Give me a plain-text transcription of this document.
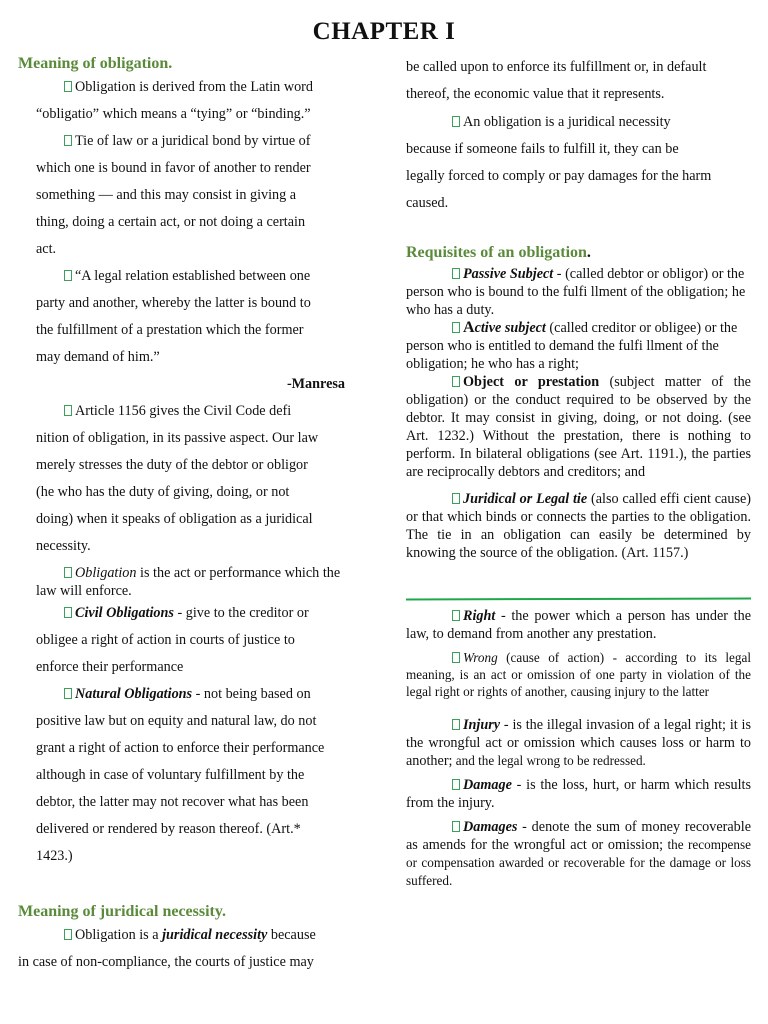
CHAPTER I
Meaning of obligation.

Obligation is derived from the Latin word

“obligatio” which means a “tying” or “binding.”

Tie of law or a juridical bond by virtue of

which one is bound in favor of another to render

something — and this may consist in giving a

thing, doing a certain act, or not doing a certain

act.

“A legal relation established between one

party and another, whereby the latter is bound to

the fulfillment of a prestation which the former

may demand of him.”

-Manresa

Article 1156 gives the Civil Code defi

nition of obligation, in its passive aspect. Our law

merely stresses the duty of the debtor or obligor

(he who has the duty of giving, doing, or not

doing) when it speaks of obligation as a juridical

necessity.

Obligation is the act or performance which the law will enforce.

Civil Obligations - give to the creditor or

obligee a right of action in courts of justice to

enforce their performance

Natural Obligations - not being based on

positive law but on equity and natural law, do not

grant a right of action to enforce their performance

although in case of voluntary fulfillment by the

debtor, the latter may not recover what has been

delivered or rendered by reason thereof. (Art.*

1423.)

Meaning of juridical necessity.

Obligation is a juridical necessity because

in case of non-compliance, the courts of justice may

be called upon to enforce its fulfillment or, in default

thereof, the economic value that it represents.

An obligation is a juridical necessity

because if someone fails to fulfill it, they can be

legally forced to comply or pay damages for the harm

caused.

Requisites of an obligation.

Passive Subject - (called debtor or obligor) or the person who is bound to the fulfi llment of the obligation; he who has a duty.

Active subject (called creditor or obligee) or the person who is entitled to demand the fulfi llment of the obligation; he who has a right;

Object or prestation (subject matter of the obligation) or the conduct required to be observed by the debtor. It may consist in giving, doing, or not doing. (see Art. 1232.) Without the prestation, there is nothing to perform. In bilateral obligations (see Art. 1191.), the parties are reciprocally debtors and creditors; and

Juridical or Legal tie (also called effi cient cause) or that which binds or connects the parties to the obligation. The tie in an obligation can easily be determined by knowing the source of the obligation. (Art. 1157.)

Right - the power which a person has under the law, to demand from another any prestation.

Wrong (cause of action) - according to its legal meaning, is an act or omission of one party in violation of the legal right or rights of another, causing injury to the latter

Injury - is the illegal invasion of a legal right; it is the wrongful act or omission which causes loss or harm to another; and the legal wrong to be redressed.

Damage - is the loss, hurt, or harm which results from the injury.

Damages - denote the sum of money recoverable as amends for the wrongful act or omission; the recompense or compensation awarded or recoverable for the damage or loss suffered.
